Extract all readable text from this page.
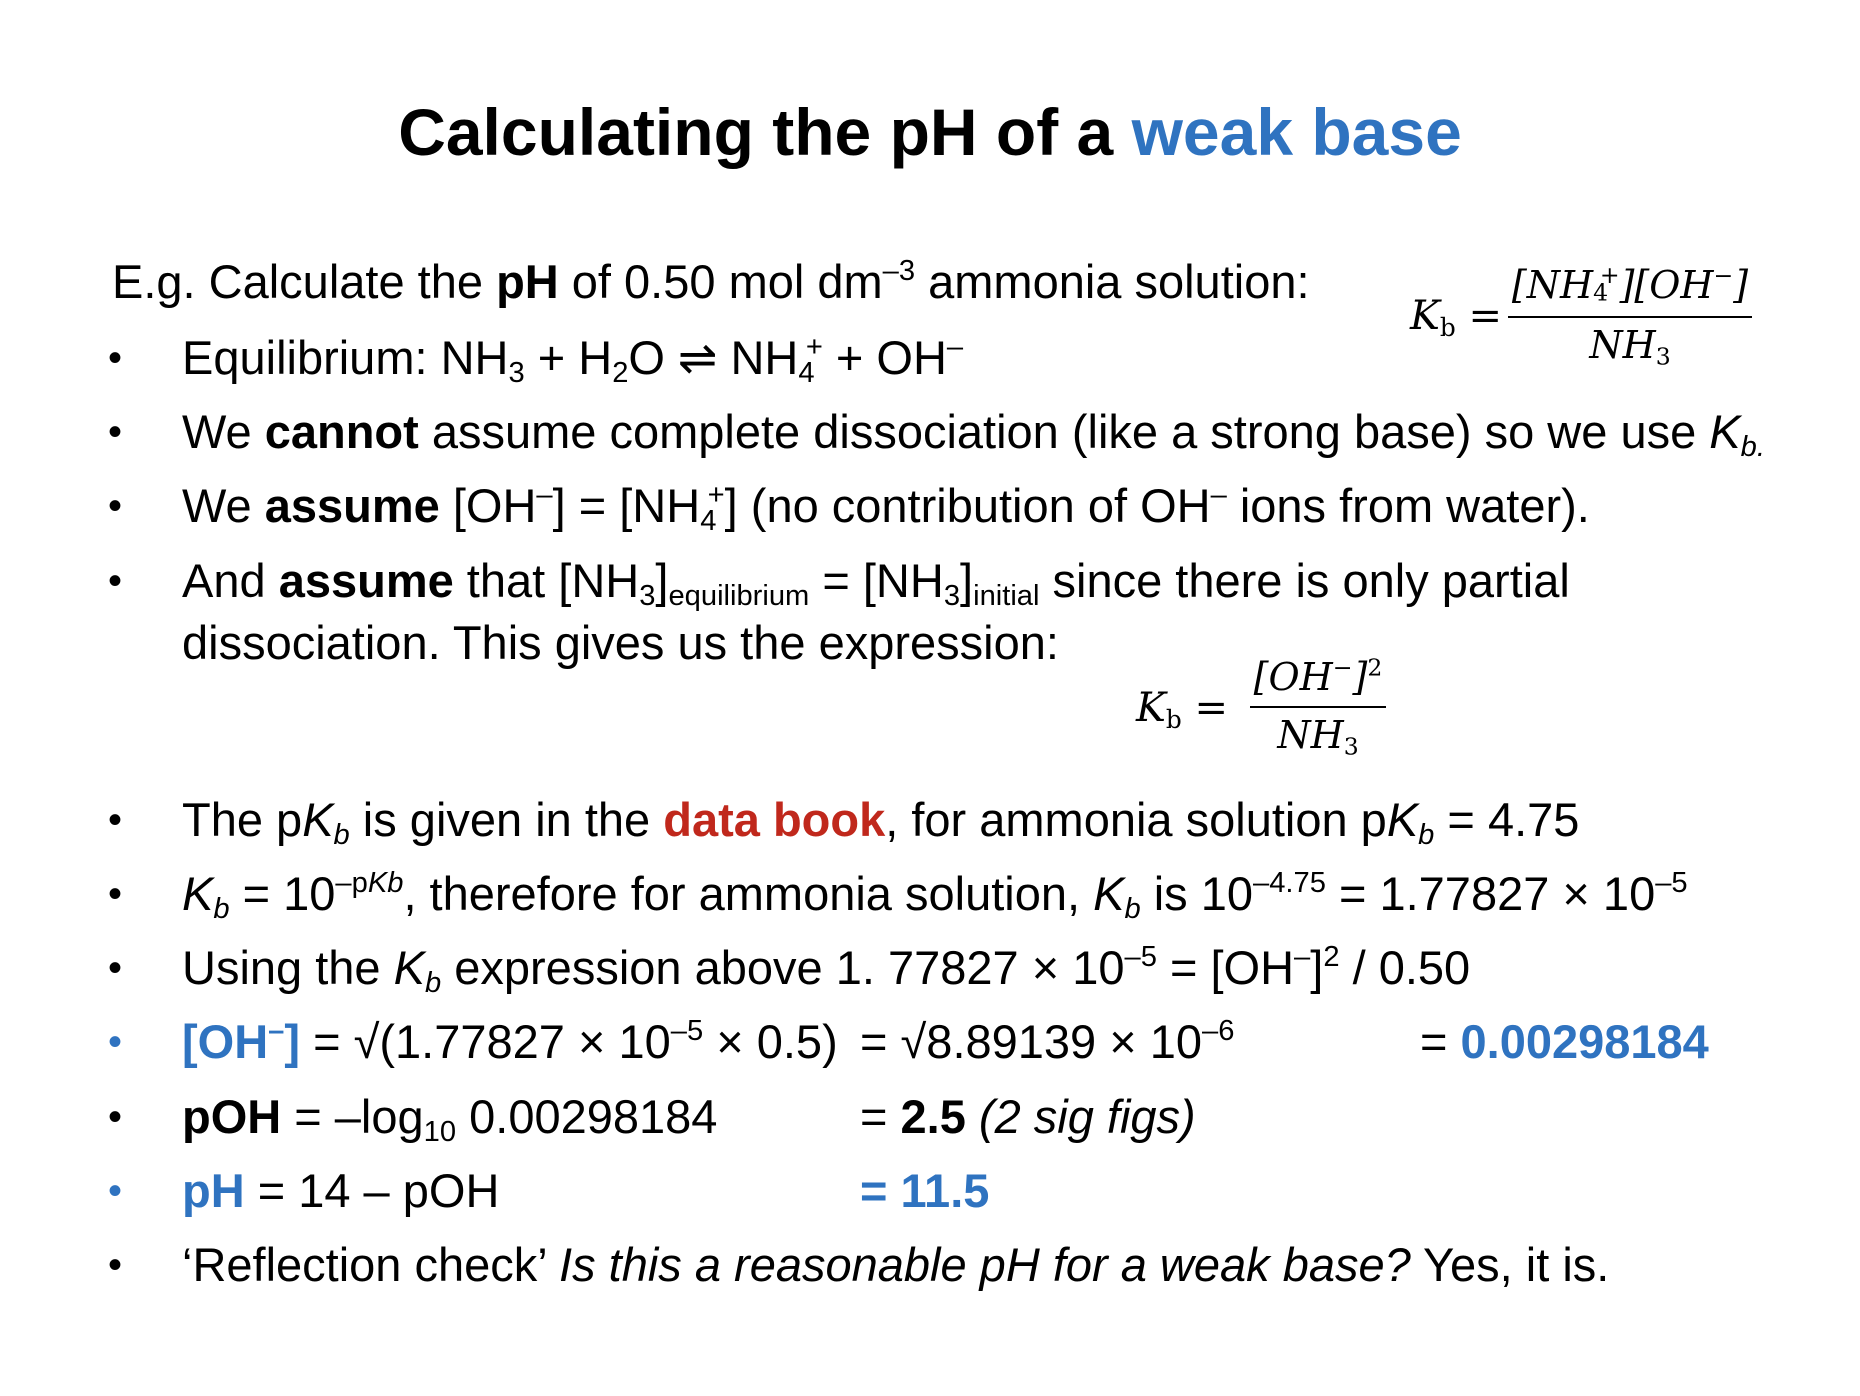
Calculating the pH of a weak base
E.g. Calculate the pH of 0.50 mol $dm^{-3}$ ammonia solution:
$K_b$ =
$[NH_4^+][OH^-]$
$NH_3$
• Equilibrium: $NH_3 + H_2O$ ⇌ $NH_4^+ + OH^-$
• We cannot assume complete dissociation (like a strong base) so we use $K_{b.}$
• We assume $[OH^-] = [NH_4^+]$ (no contribution of OH– ions from water).
• And assume that $[NH_3]_{equilibrium} = [NH_3]_{initial}$ since there is only partial
dissociation. This gives us the expression:
$K_b$ =
$[OH^-]^2$
$NH_3$
• The $pK_b$ is given in the data book, for ammonia solution $pK_b = 4.75$
• $K_b = 10^{-pKb}$, therefore for ammonia solution, $K_b$ is $10^{-4.75} = 1.77827 \times 10^{-5}$
• Using the $K_b$ expression above 1. $77827 \times 10^{-5} = [OH^-]^2 / 0.50$
• $[OH^-] = √(1.77827 \times 10^{-5} \times 0.5) = √8.89139 \times 10^{-6}$	= 0.00298184
• pOH = $-\log_{10}$ 0.00298184	= 2.5 (2 sig figs)
• pH = 14 – pOH	= 11.5
• ‘Reflection check’ Is this a reasonable pH for a weak base? Yes, it is.
